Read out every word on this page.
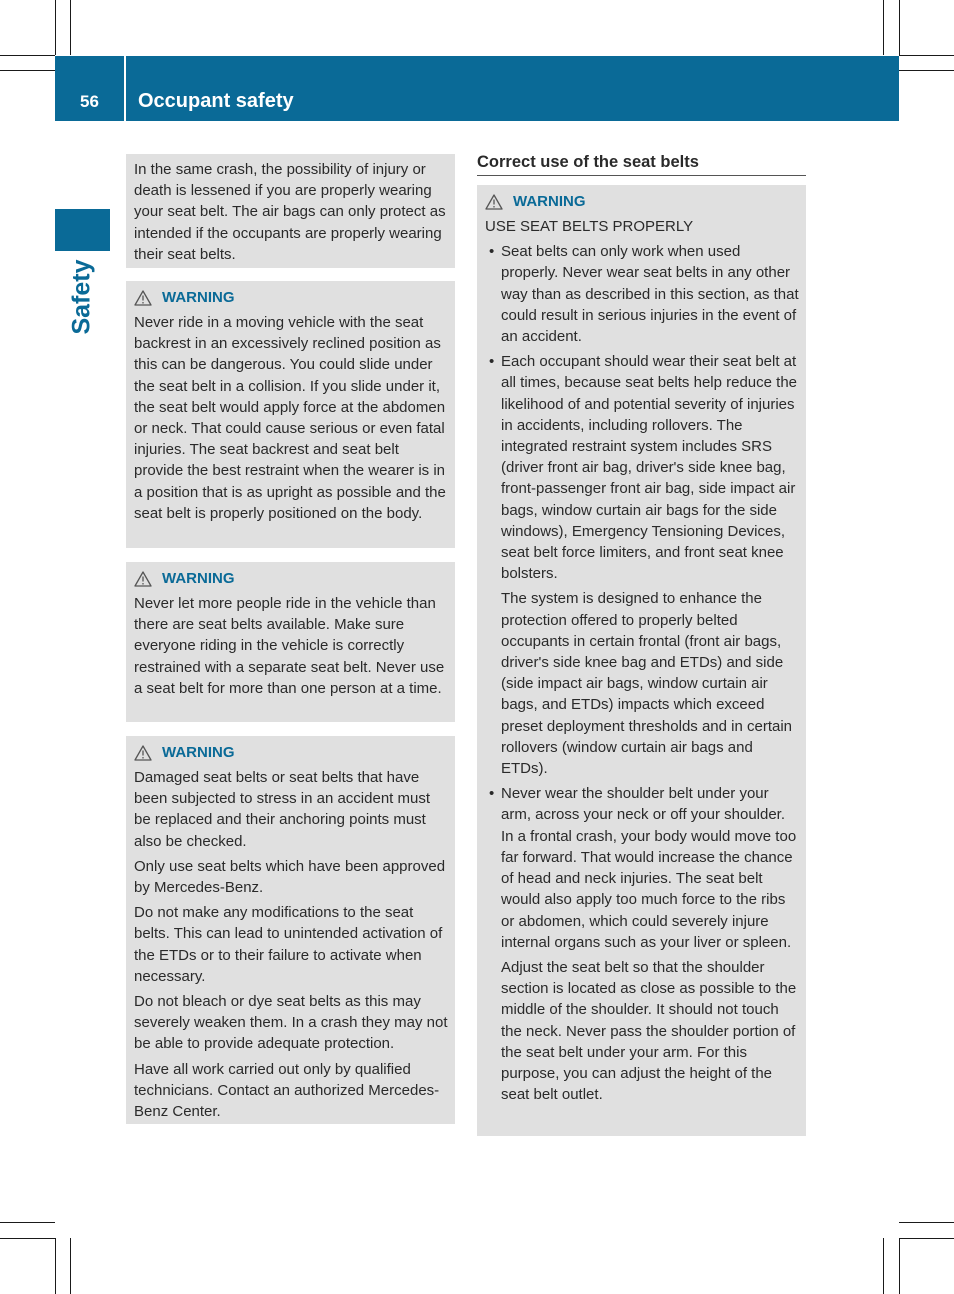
56	Occupant safety
Safety

In the same crash, the possibility of injury or death is lessened if you are properly wearing your seat belt. The air bags can only protect as intended if the occupants are properly wearing their seat belts.

WARNING

Never ride in a moving vehicle with the seat backrest in an excessively reclined position as this can be dangerous. You could slide under the seat belt in a collision. If you slide under it, the seat belt would apply force at the abdomen or neck. That could cause serious or even fatal injuries. The seat backrest and seat belt provide the best restraint when the wearer is in a position that is as upright as possible and the seat belt is properly positioned on the body.

WARNING

Never let more people ride in the vehicle than there are seat belts available. Make sure everyone riding in the vehicle is correctly restrained with a separate seat belt. Never use a seat belt for more than one person at a time.

WARNING

Damaged seat belts or seat belts that have been subjected to stress in an accident must be replaced and their anchoring points must also be checked.

Only use seat belts which have been approved by Mercedes-Benz.

Do not make any modifications to the seat belts. This can lead to unintended activation of the ETDs or to their failure to activate when necessary.

Do not bleach or dye seat belts as this may severely weaken them. In a crash they may not be able to provide adequate protection.

Have all work carried out only by qualified technicians. Contact an authorized Mercedes-Benz Center.

Correct use of the seat belts
WARNING

USE SEAT BELTS PROPERLY

• Seat belts can only work when used properly. Never wear seat belts in any other way than as described in this section, as that could result in serious injuries in the event of an accident.
• Each occupant should wear their seat belt at all times, because seat belts help reduce the likelihood of and potential severity of injuries in accidents, including rollovers. The integrated restraint system includes SRS (driver front air bag, driver's side knee bag, front-passenger front air bag, side impact air bags, window curtain air bags for the side windows), Emergency Tensioning Devices, seat belt force limiters, and front seat knee bolsters.

The system is designed to enhance the protection offered to properly belted occupants in certain frontal (front air bags, driver's side knee bag and ETDs) and side (side impact air bags, window curtain air bags, and ETDs) impacts which exceed preset deployment thresholds and in certain rollovers (window curtain air bags and ETDs).

• Never wear the shoulder belt under your arm, across your neck or off your shoulder. In a frontal crash, your body would move too far forward. That would increase the chance of head and neck injuries. The seat belt would also apply too much force to the ribs or abdomen, which could severely injure internal organs such as your liver or spleen.

Adjust the seat belt so that the shoulder section is located as close as possible to the middle of the shoulder. It should not touch the neck. Never pass the shoulder portion of the seat belt under your arm. For this purpose, you can adjust the height of the seat belt outlet.
